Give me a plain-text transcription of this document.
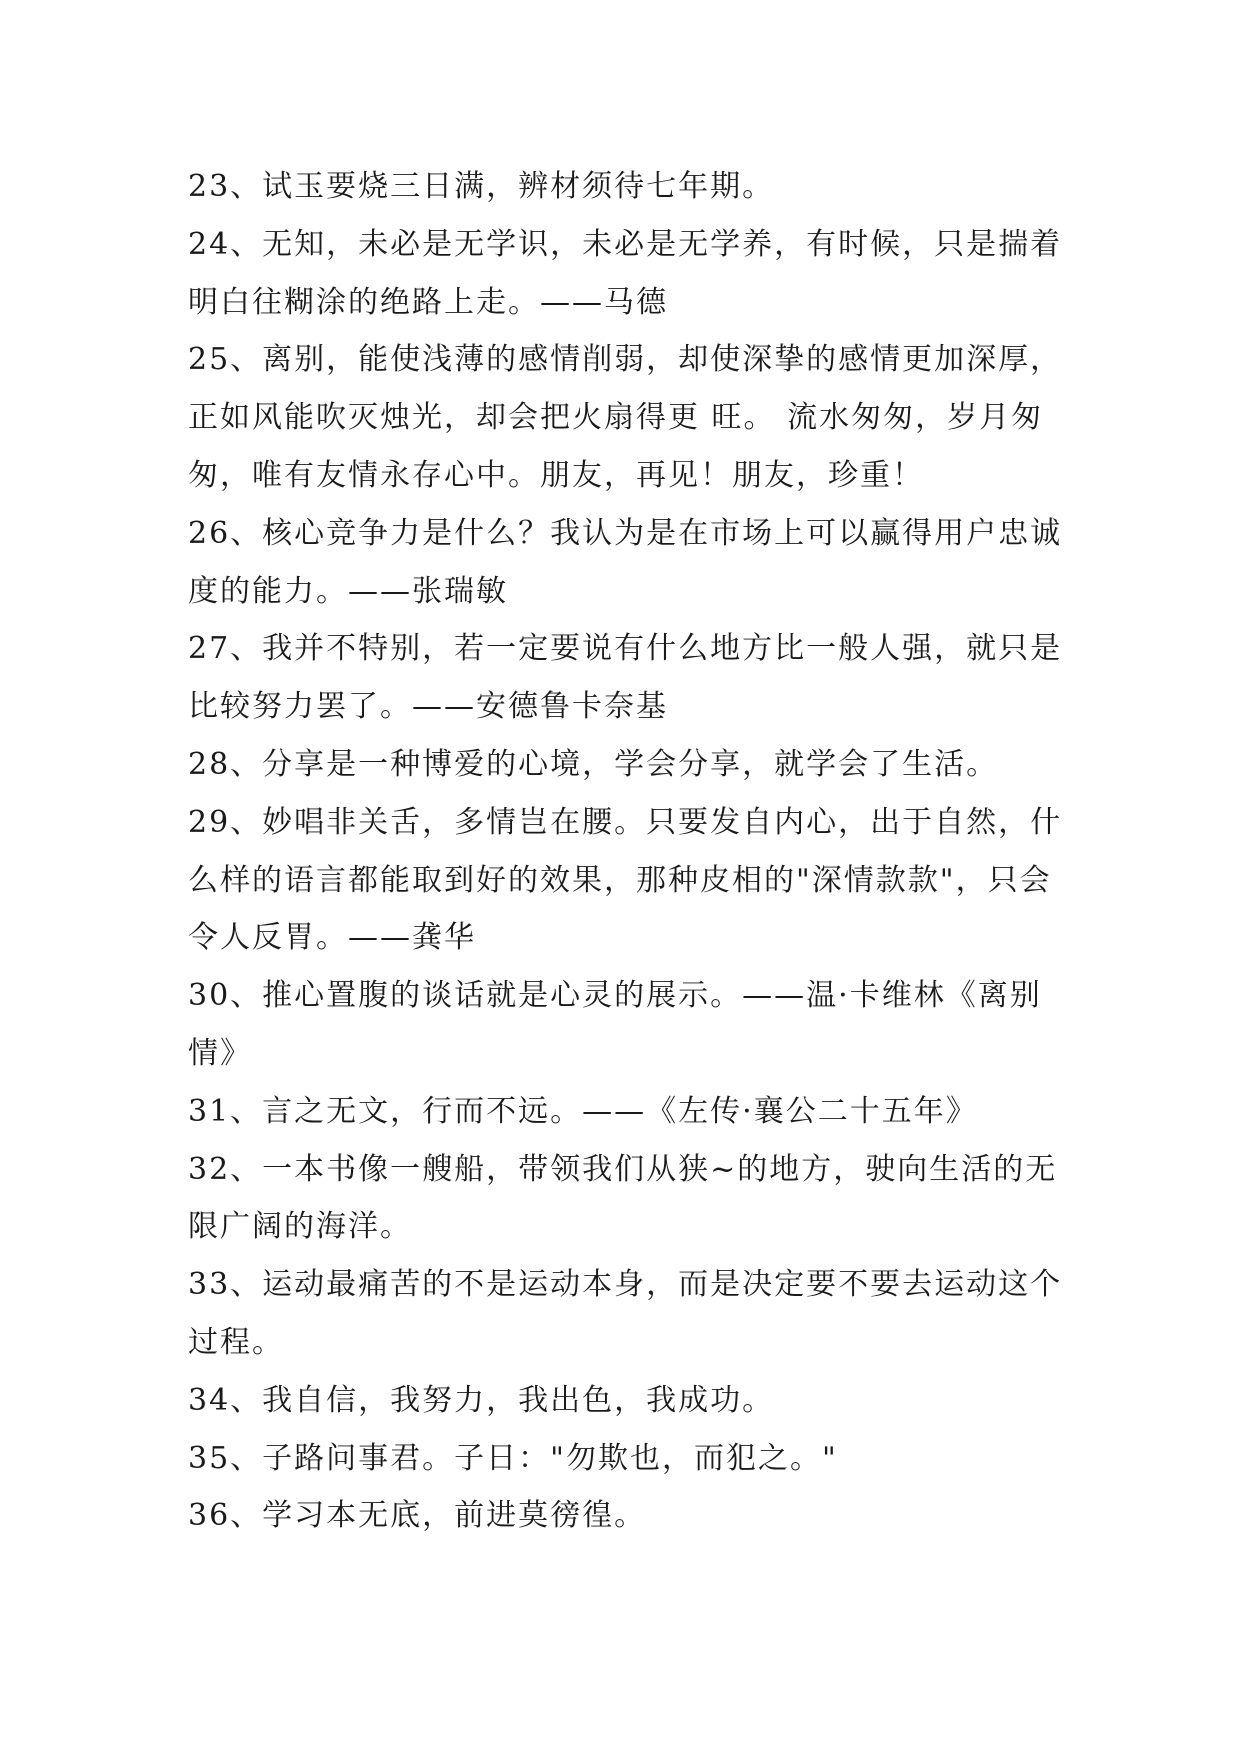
23、试玉要烧三日满，辨材须待七年期。

24、无知，未必是无学识，未必是无学养，有时候，只是揣着明白往糊涂的绝路上走。——马德

25、离别，能使浅薄的感情削弱，却使深挚的感情更加深厚，正如风能吹灭烛光，却会把火扇得更 旺。 流水匆匆，岁月匆匆，唯有友情永存心中。朋友，再见！朋友，珍重！

26、核心竞争力是什么？我认为是在市场上可以赢得用户忠诚度的能力。——张瑞敏

27、我并不特别，若一定要说有什么地方比一般人强，就只是比较努力罢了。——安德鲁卡奈基

28、分享是一种博爱的心境，学会分享，就学会了生活。

29、妙唱非关舌，多情岂在腰。只要发自内心，出于自然，什么样的语言都能取到好的效果，那种皮相的"深情款款"，只会令人反胃。——龚华

30、推心置腹的谈话就是心灵的展示。——温·卡维林《离别情》

31、言之无文，行而不远。——《左传·襄公二十五年》

32、一本书像一艘船，带领我们从狭~的地方，驶向生活的无限广阔的海洋。

33、运动最痛苦的不是运动本身，而是决定要不要去运动这个过程。

34、我自信，我努力，我出色，我成功。

35、子路问事君。子日："勿欺也，而犯之。"

36、学习本无底，前进莫徬徨。
